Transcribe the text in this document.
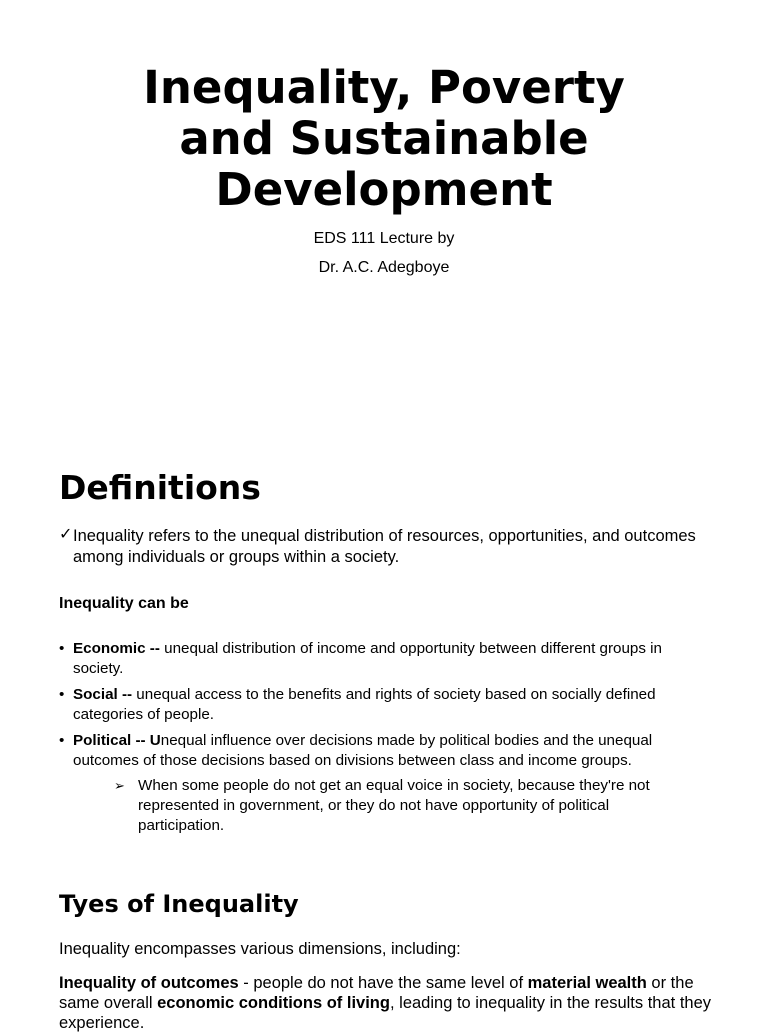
Inequality, Poverty
and Sustainable
Development
EDS 111 Lecture by
Dr. A.C. Adegboye
Definitions

✓ Inequality refers to the unequal distribution of resources, opportunities, and outcomes among individuals or groups within a society.

Inequality can be

• Economic -- unequal distribution of income and opportunity between different groups in society.
• Social -- unequal access to the benefits and rights of society based on socially defined categories of people.
• Political -- Unequal influence over decisions made by political bodies and the unequal outcomes of those decisions based on divisions between class and income groups.

➢ When some people do not get an equal voice in society, because they're not represented in government, or they do not have opportunity of political participation.

Tyes of Inequality

Inequality encompasses various dimensions, including:

Inequality of outcomes - people do not have the same level of material wealth or the same overall economic conditions of living, leading to inequality in the results that they experience.
